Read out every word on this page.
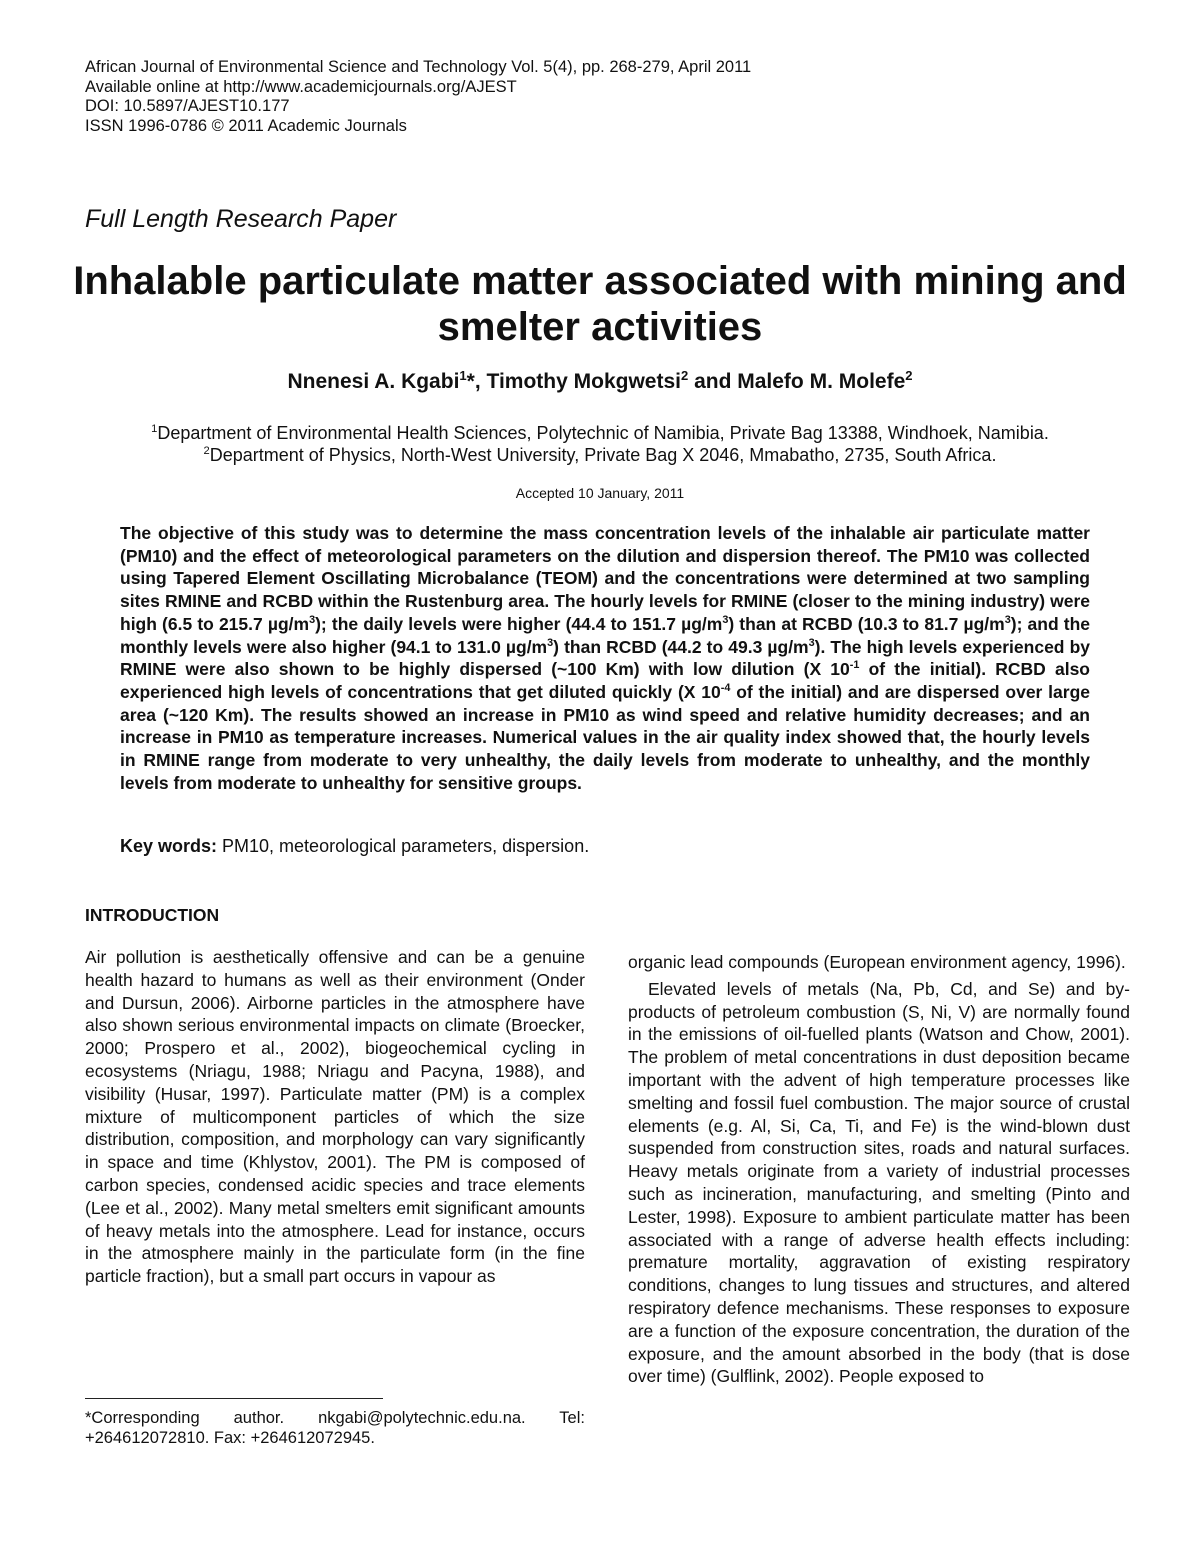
African Journal of Environmental Science and Technology Vol. 5(4), pp. 268-279, April 2011
Available online at http://www.academicjournals.org/AJEST
DOI: 10.5897/AJEST10.177
ISSN 1996-0786 © 2011 Academic Journals
Full Length Research Paper
Inhalable particulate matter associated with mining and smelter activities
Nnenesi A. Kgabi$^1$*, Timothy Mokgwetsi$^2$ and Malefo M. Molefe$^2$
$^1$Department of Environmental Health Sciences, Polytechnic of Namibia, Private Bag 13388, Windhoek, Namibia.
$^2$Department of Physics, North-West University, Private Bag X 2046, Mmabatho, 2735, South Africa.
Accepted 10 January, 2011
The objective of this study was to determine the mass concentration levels of the inhalable air particulate matter (PM10) and the effect of meteorological parameters on the dilution and dispersion thereof. The PM10 was collected using Tapered Element Oscillating Microbalance (TEOM) and the concentrations were determined at two sampling sites RMINE and RCBD within the Rustenburg area. The hourly levels for RMINE (closer to the mining industry) were high (6.5 to 215.7 $\mu g/m^3$); the daily levels were higher (44.4 to 151.7 $\mu g/m^3$) than at RCBD (10.3 to 81.7 $\mu g/m^3$); and the monthly levels were also higher (94.1 to 131.0 $\mu g/m^3$) than RCBD (44.2 to 49.3 $\mu g/m^3$). The high levels experienced by RMINE were also shown to be highly dispersed (~100 Km) with low dilution (X $10^{-1}$ of the initial). RCBD also experienced high levels of concentrations that get diluted quickly (X $10^{-4}$ of the initial) and are dispersed over large area (~120 Km). The results showed an increase in PM10 as wind speed and relative humidity decreases; and an increase in PM10 as temperature increases. Numerical values in the air quality index showed that, the hourly levels in RMINE range from moderate to very unhealthy, the daily levels from moderate to unhealthy, and the monthly levels from moderate to unhealthy for sensitive groups.
Key words: PM10, meteorological parameters, dispersion.
INTRODUCTION

Air pollution is aesthetically offensive and can be a genuine health hazard to humans as well as their environment (Onder and Dursun, 2006). Airborne particles in the atmosphere have also shown serious environmental impacts on climate (Broecker, 2000; Prospero et al., 2002), biogeochemical cycling in ecosystems (Nriagu, 1988; Nriagu and Pacyna, 1988), and visibility (Husar, 1997). Particulate matter (PM) is a complex mixture of multicomponent particles of which the size distribution, composition, and morphology can vary significantly in space and time (Khlystov, 2001). The PM is composed of carbon species, condensed acidic species and trace elements (Lee et al., 2002). Many metal smelters emit significant amounts of heavy metals into the atmosphere. Lead for instance, occurs in the atmosphere mainly in the particulate form (in the fine particle fraction), but a small part occurs in vapour as

organic lead compounds (European environment agency, 1996).

Elevated levels of metals (Na, Pb, Cd, and Se) and by-products of petroleum combustion (S, Ni, V) are normally found in the emissions of oil-fuelled plants (Watson and Chow, 2001). The problem of metal concentrations in dust deposition became important with the advent of high temperature processes like smelting and fossil fuel combustion. The major source of crustal elements (e.g. Al, Si, Ca, Ti, and Fe) is the wind-blown dust suspended from construction sites, roads and natural surfaces. Heavy metals originate from a variety of industrial processes such as incineration, manufacturing, and smelting (Pinto and Lester, 1998). Exposure to ambient particulate matter has been associated with a range of adverse health effects including: premature mortality, aggravation of existing respiratory conditions, changes to lung tissues and structures, and altered respiratory defence mechanisms. These responses to exposure are a function of the exposure concentration, the duration of the exposure, and the amount absorbed in the body (that is dose over time) (Gulflink, 2002). People exposed to

*Corresponding author. nkgabi@polytechnic.edu.na. Tel: +264612072810. Fax: +264612072945.
